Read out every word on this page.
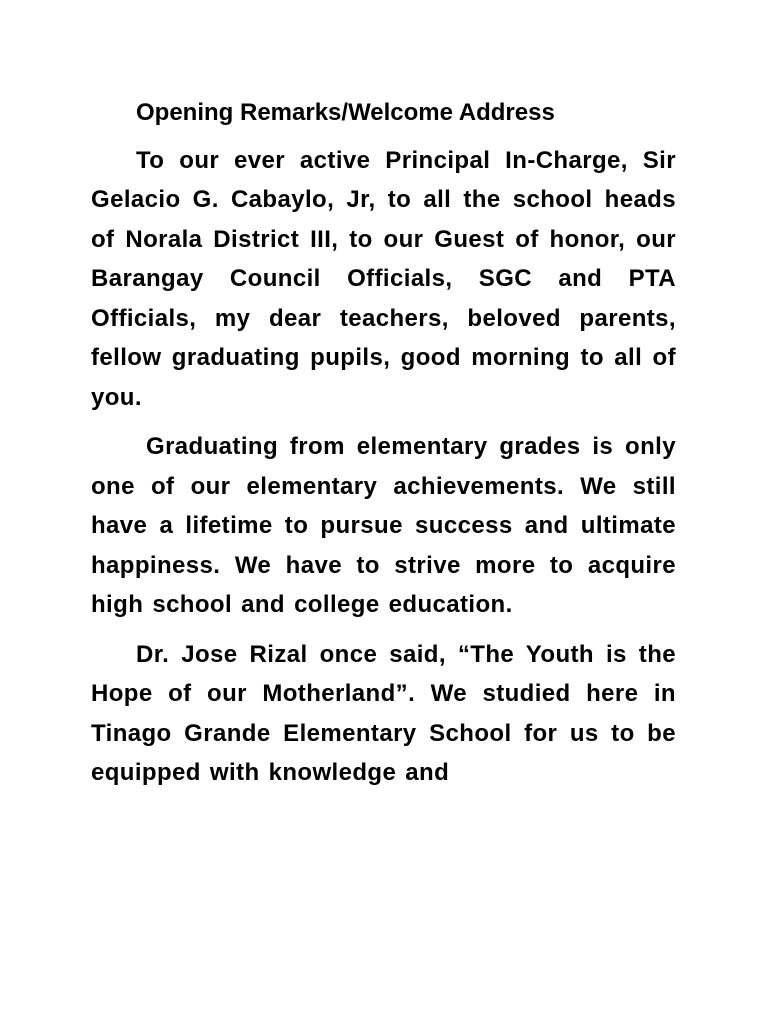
Opening Remarks/Welcome Address

To our ever active Principal In-Charge, Sir Gelacio G. Cabaylo, Jr, to all the school heads of Norala District III, to our Guest of honor, our Barangay Council Officials, SGC and PTA Officials, my dear teachers, beloved parents, fellow graduating pupils, good morning to all of you.

Graduating from elementary grades is only one of our elementary achievements. We still have a lifetime to pursue success and ultimate happiness. We have to strive more to acquire high school and college education.

Dr. Jose Rizal once said, “The Youth is the Hope of our Motherland”. We studied here in Tinago Grande Elementary School for us to be equipped with knowledge and
